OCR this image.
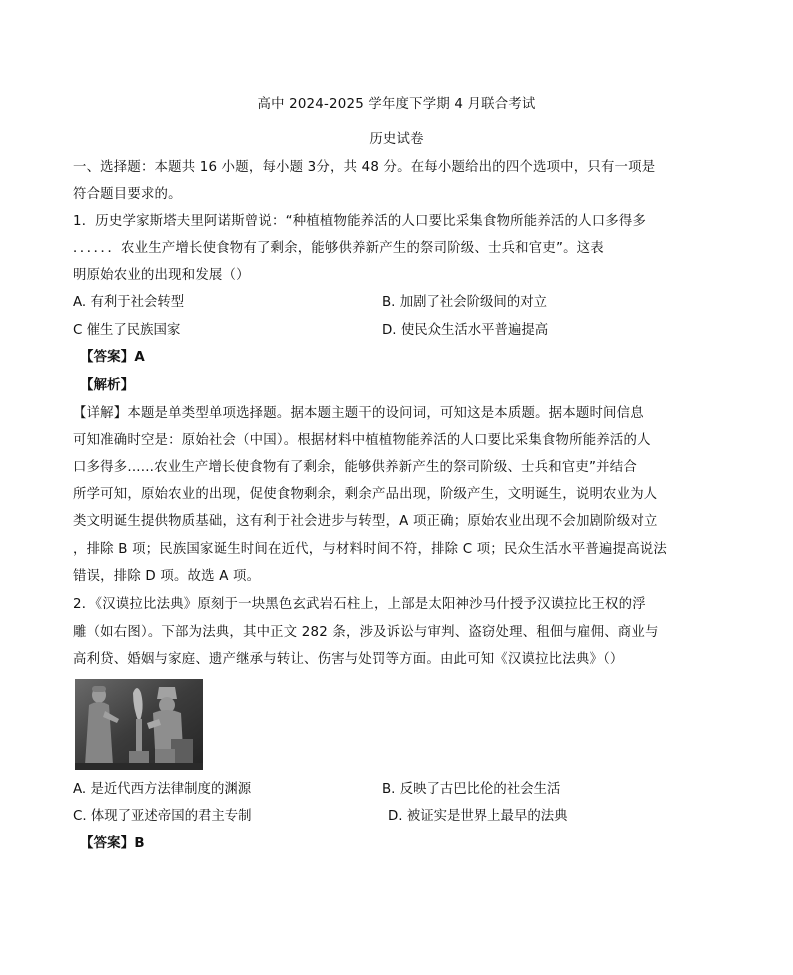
高中 2024-2025 学年度下学期 4 月联合考试
历史试卷
一、选择题：本题共 16 小题，每小题 3分，共 48 分。在每小题给出的四个选项中，只有一项是
符合题目要求的。
1．历史学家斯塔夫里阿诺斯曾说：“种植植物能养活的人口要比采集食物所能养活的人口多得多
．．．．．．农业生产增长使食物有了剩余，能够供养新产生的祭司阶级、士兵和官吏”。这表
明原始农业的出现和发展（）
A. 有利于社会转型	B. 加剧了社会阶级间的对立
C 催生了民族国家	D. 使民众生活水平普遍提高
【答案】A
【解析】
【详解】本题是单类型单项选择题。据本题主题干的设问词，可知这是本质题。据本题时间信息
可知准确时空是：原始社会（中国）。根据材料中植植物能养活的人口要比采集食物所能养活的人
口多得多......农业生产增长使食物有了剩余，能够供养新产生的祭司阶级、士兵和官吏”并结合
所学可知，原始农业的出现，促使食物剩余，剩余产品出现，阶级产生，文明诞生，说明农业为人
类文明诞生提供物质基础，这有利于社会进步与转型，A 项正确；原始农业出现不会加剧阶级对立
，排除 B 项；民族国家诞生时间在近代，与材料时间不符，排除 C 项；民众生活水平普遍提高说法
错误，排除 D 项。故选 A 项。
2．《汉谟拉比法典》原刻于一块黑色玄武岩石柱上，上部是太阳神沙马什授予汉谟拉比王权的浮
雕（如右图）。下部为法典，其中正文 282 条，涉及诉讼与审判、盗窃处理、租佃与雇佣、商业与
高利贷、婚姻与家庭、遗产继承与转让、伤害与处罚等方面。由此可知《汉谟拉比法典》（）
A. 是近代西方法律制度的渊源	B. 反映了古巴比伦的社会生活
C. 体现了亚述帝国的君主专制	D. 被证实是世界上最早的法典
【答案】B
